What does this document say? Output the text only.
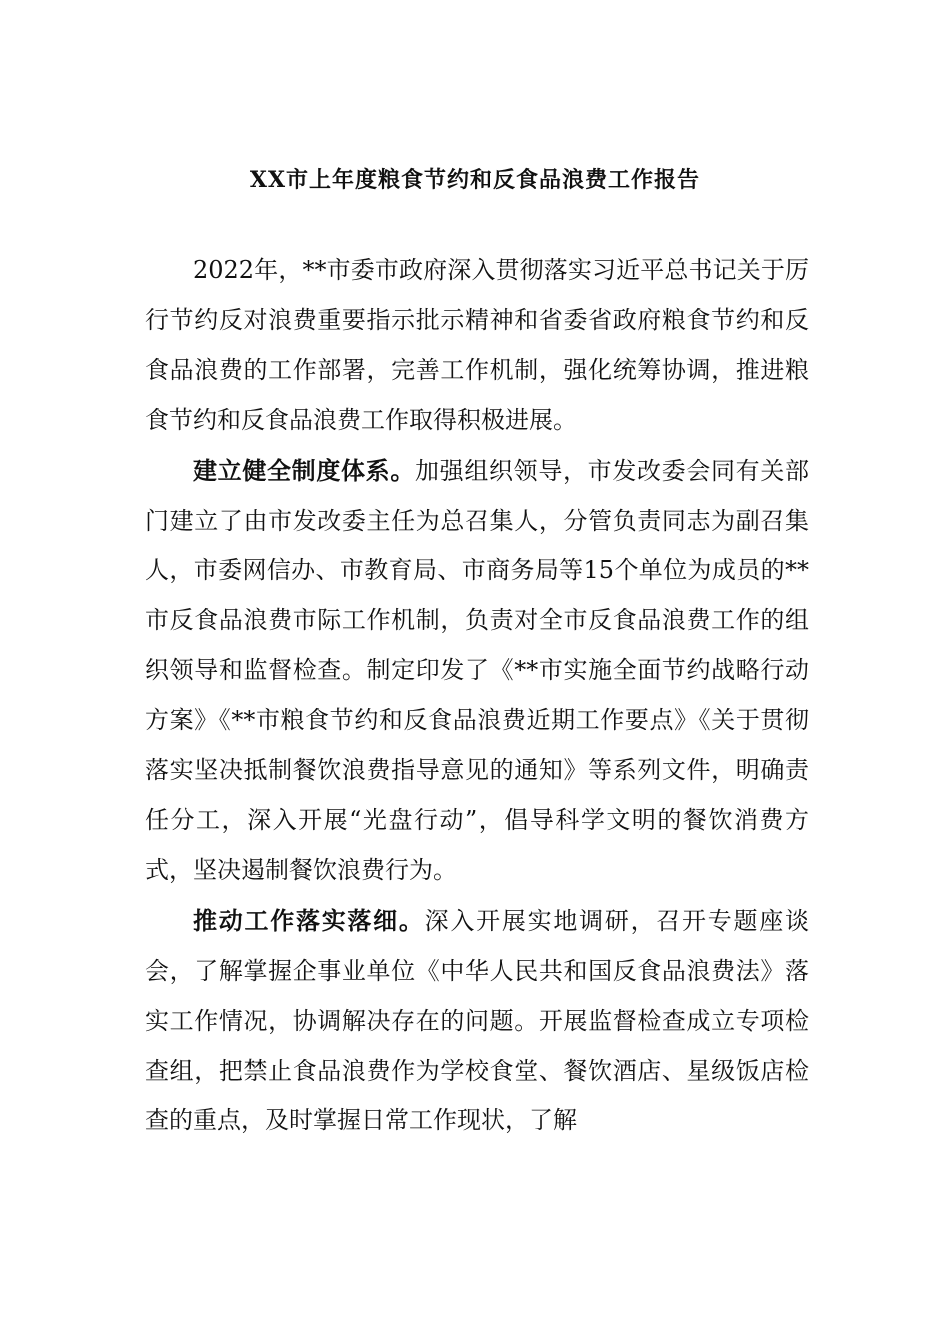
XX市上年度粮食节约和反食品浪费工作报告

2022年，**市委市政府深入贯彻落实习近平总书记关于厉行节约反对浪费重要指示批示精神和省委省政府粮食节约和反食品浪费的工作部署，完善工作机制，强化统筹协调，推进粮食节约和反食品浪费工作取得积极进展。

建立健全制度体系。加强组织领导，市发改委会同有关部门建立了由市发改委主任为总召集人，分管负责同志为副召集人，市委网信办、市教育局、市商务局等15个单位为成员的**市反食品浪费市际工作机制，负责对全市反食品浪费工作的组织领导和监督检查。制定印发了《**市实施全面节约战略行动方案》《**市粮食节约和反食品浪费近期工作要点》《关于贯彻落实坚决抵制餐饮浪费指导意见的通知》等系列文件，明确责任分工，深入开展“光盘行动”，倡导科学文明的餐饮消费方式，坚决遏制餐饮浪费行为。

推动工作落实落细。深入开展实地调研，召开专题座谈会，了解掌握企事业单位《中华人民共和国反食品浪费法》落实工作情况，协调解决存在的问题。开展监督检查成立专项检查组，把禁止食品浪费作为学校食堂、餐饮酒店、星级饭店检查的重点，及时掌握日常工作现状，了解
